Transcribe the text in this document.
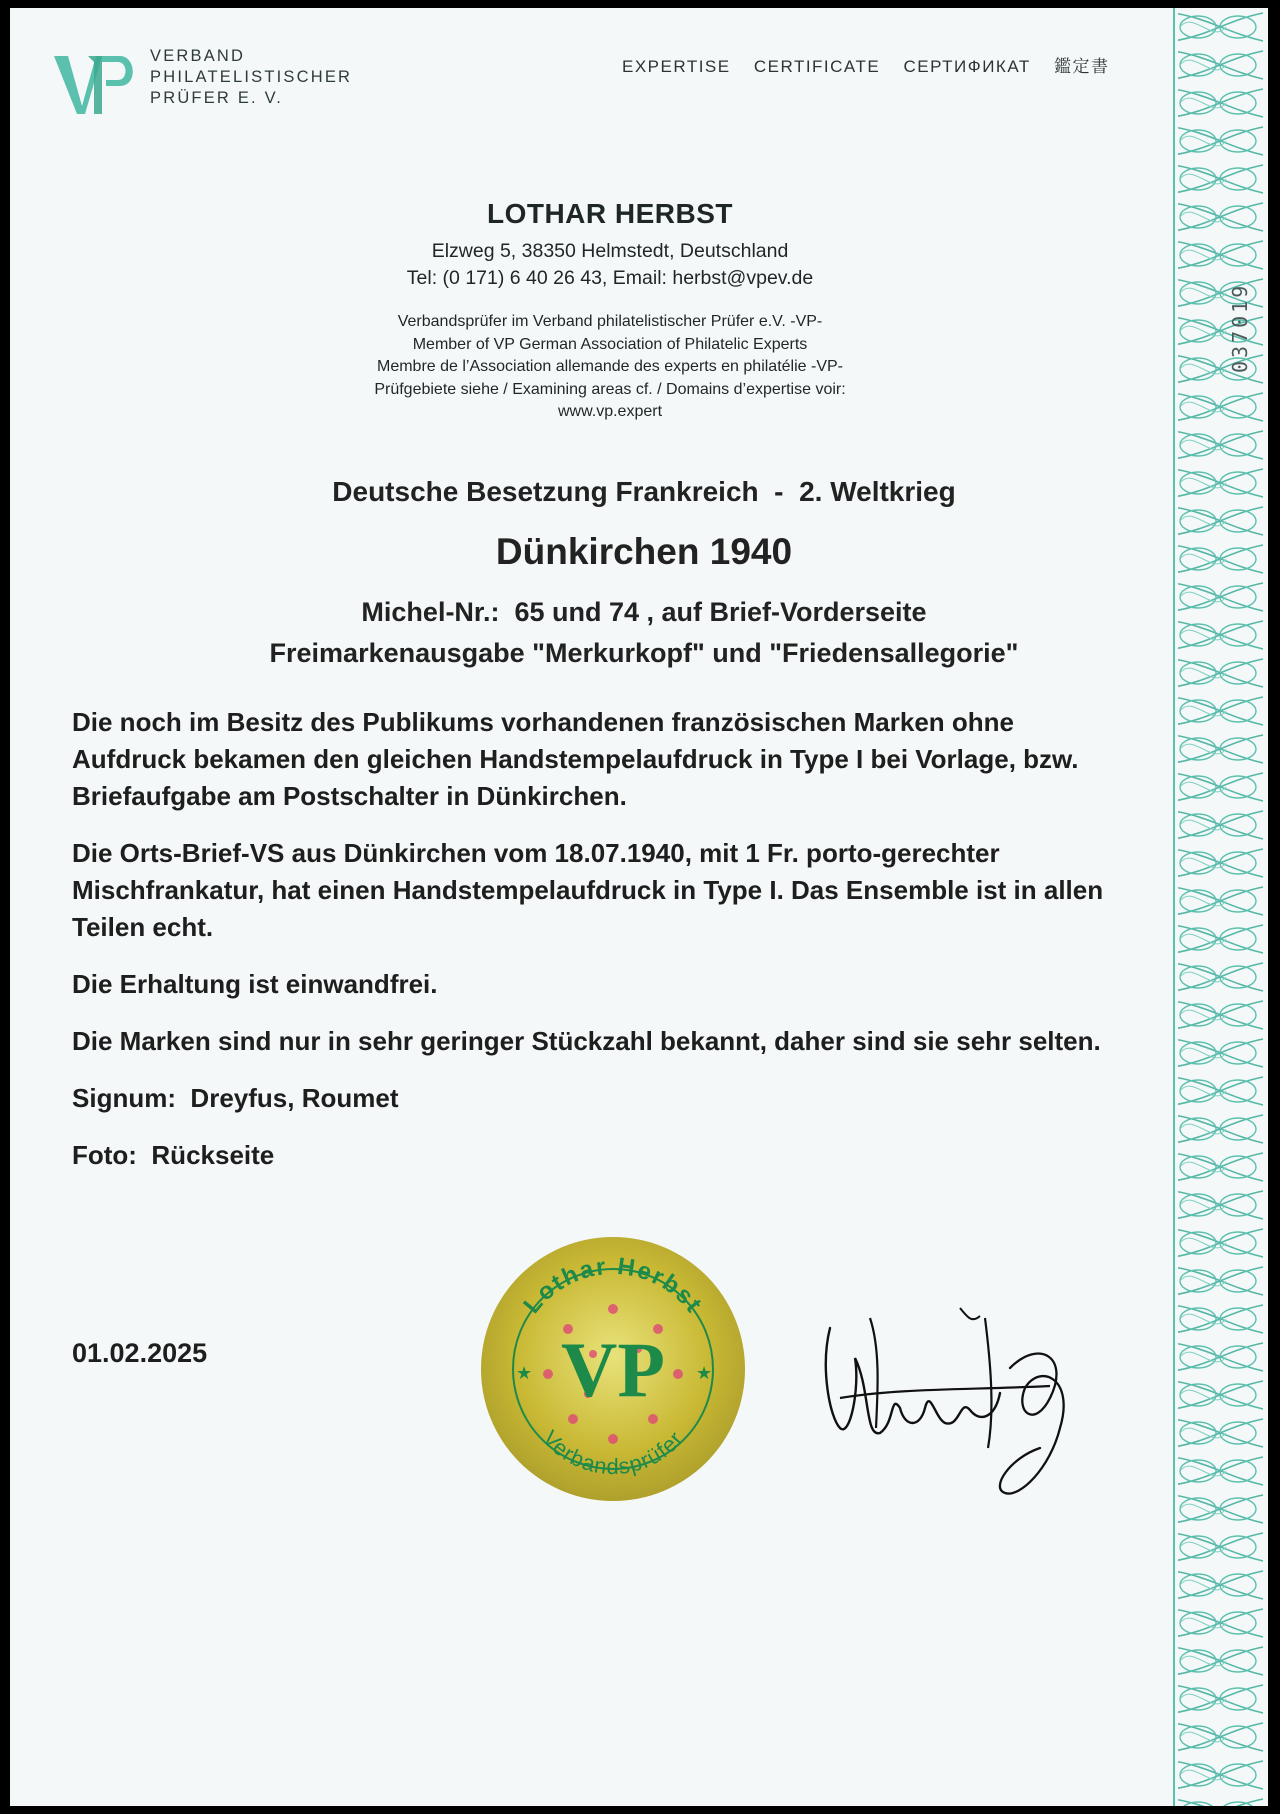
037019
VERBAND
PHILATELISTISCHER
PRÜFER E. V.
EXPERTISE CERTIFICATE СЕРТИФИКАТ 鑑定書
LOTHAR HERBST
Elzweg 5, 38350 Helmstedt, Deutschland
Tel: (0 171) 6 40 26 43, Email: herbst@vpev.de
Verbandsprüfer im Verband philatelistischer Prüfer e.V. -VP-
Member of VP German Association of Philatelic Experts
Membre de l’Association allemande des experts en philatélie -VP-
Prüfgebiete siehe / Examining areas cf. / Domains d’expertise voir:
www.vp.expert
Deutsche Besetzung Frankreich  -  2. Weltkrieg
Dünkirchen 1940
Michel-Nr.:  65 und 74 , auf Brief-Vorderseite
Freimarkenausgabe "Merkurkopf" und "Friedensallegorie"

Die noch im Besitz des Publikums vorhandenen französischen Marken ohne Aufdruck bekamen den gleichen Handstempelaufdruck in Type I bei Vorlage, bzw. Briefaufgabe am Postschalter in Dünkirchen.

Die Orts-Brief-VS aus Dünkirchen vom 18.07.1940, mit 1 Fr. porto-gerechter Mischfrankatur, hat einen Handstempelaufdruck in Type I. Das Ensemble ist in allen Teilen echt.

Die Erhaltung ist einwandfrei.

Die Marken sind nur in sehr geringer Stückzahl bekannt, daher sind sie sehr selten.

Signum:  Dreyfus, Roumet

Foto:  Rückseite

01.02.2025
Lothar Herbst
Verbandsprüfer
VP
★	★
